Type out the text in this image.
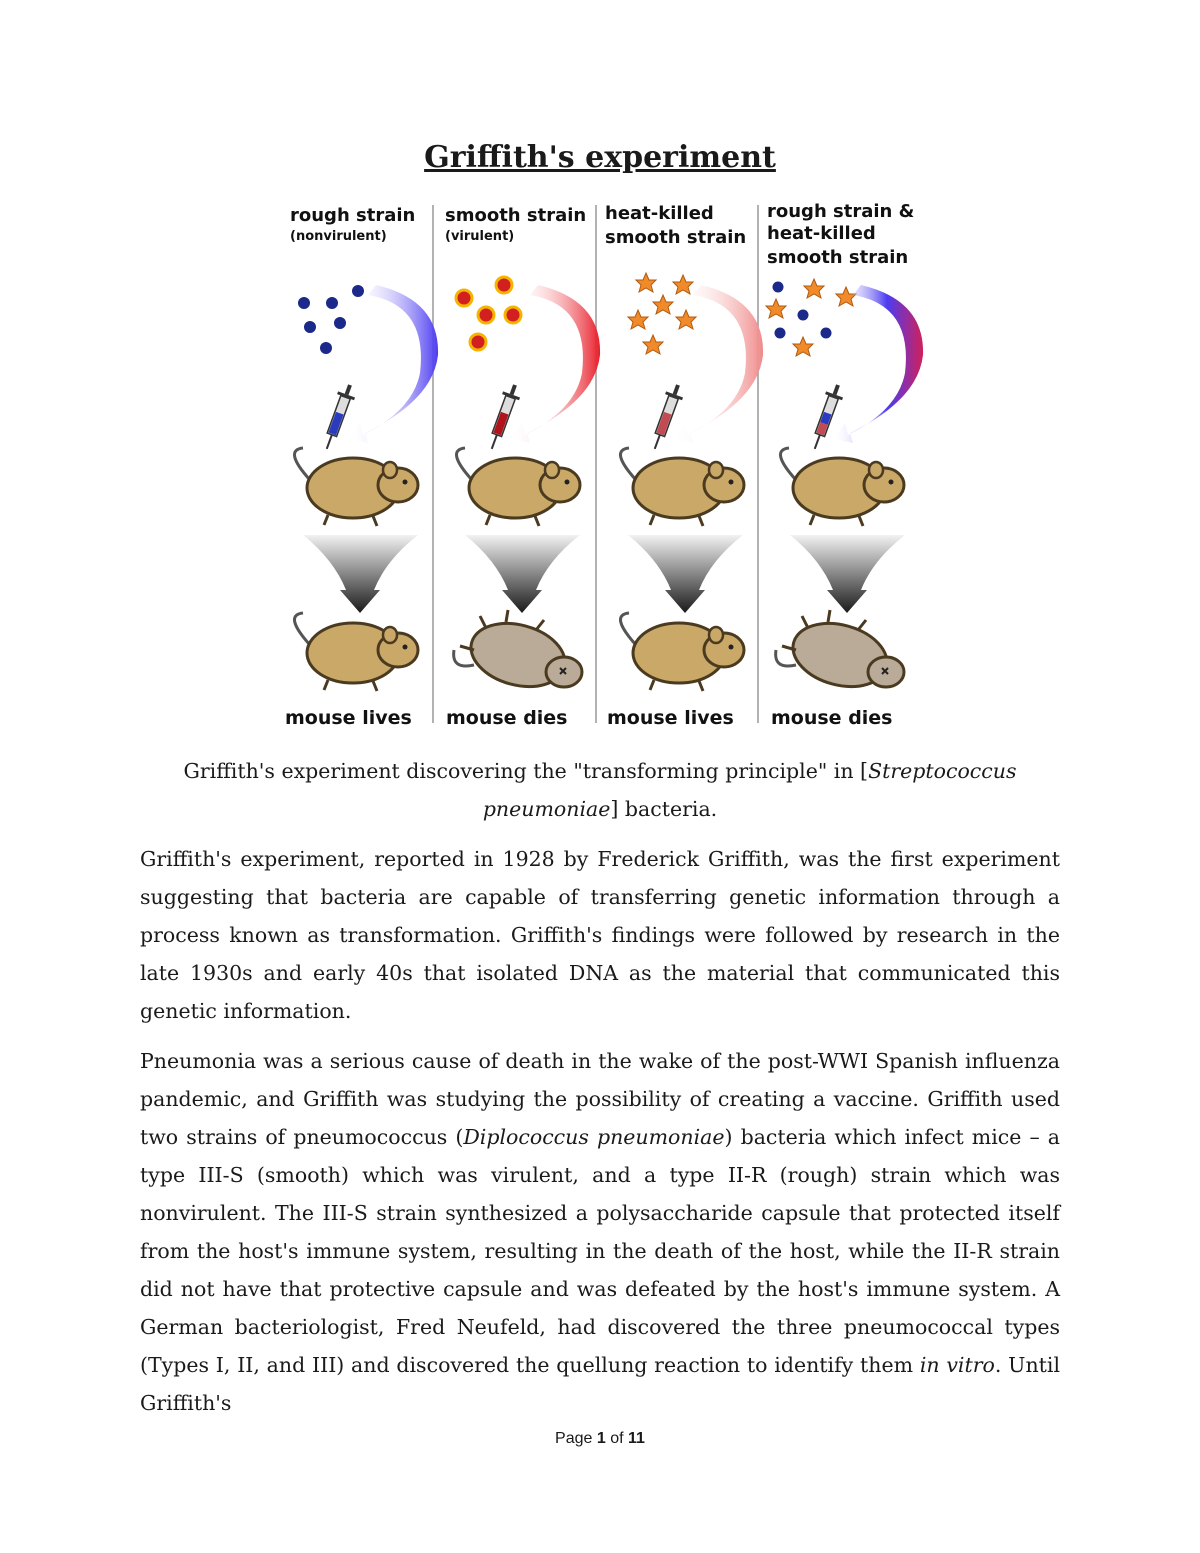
Griffith's experiment
rough strain
(nonvirulent)
smooth strain
(virulent)
heat-killed
smooth strain
rough strain &
heat-killed
smooth strain
mouse lives mouse dies mouse lives mouse dies

Griffith's experiment discovering the "transforming principle" in [Streptococcus pneumoniae] bacteria.

Griffith's experiment, reported in 1928 by Frederick Griffith, was the first experiment suggesting that bacteria are capable of transferring genetic information through a process known as transformation. Griffith's findings were followed by research in the late 1930s and early 40s that isolated DNA as the material that communicated this genetic information.

Pneumonia was a serious cause of death in the wake of the post-WWI Spanish influenza pandemic, and Griffith was studying the possibility of creating a vaccine. Griffith used two strains of pneumococcus (Diplococcus pneumoniae) bacteria which infect mice – a type III-S (smooth) which was virulent, and a type II-R (rough) strain which was nonvirulent. The III-S strain synthesized a polysaccharide capsule that protected itself from the host's immune system, resulting in the death of the host, while the II-R strain did not have that protective capsule and was defeated by the host's immune system. A German bacteriologist, Fred Neufeld, had discovered the three pneumococcal types (Types I, II, and III) and discovered the quellung reaction to identify them in vitro. Until Griffith's

Page 1 of 11
